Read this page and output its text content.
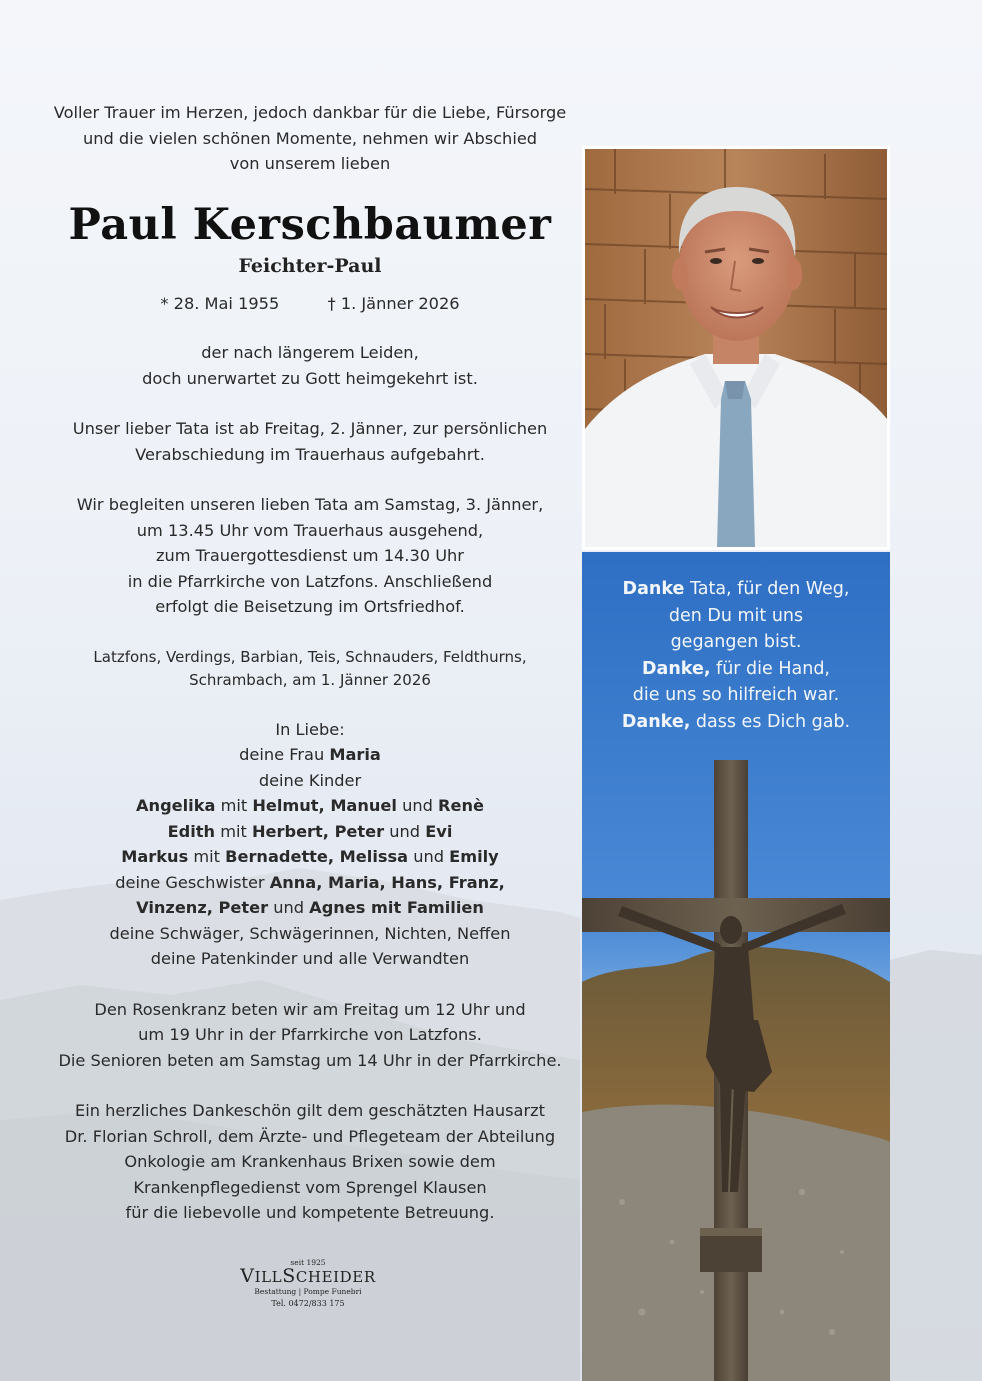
Voller Trauer im Herzen, jedoch dankbar für die Liebe, Fürsorge

und die vielen schönen Momente, nehmen wir Abschied

von unserem lieben

Paul Kerschbaumer

Feichter-Paul

* 28. Mai 1955	† 1. Jänner 2026

der nach längerem Leiden,

doch unerwartet zu Gott heimgekehrt ist.

Unser lieber Tata ist ab Freitag, 2. Jänner, zur persönlichen

Verabschiedung im Trauerhaus aufgebahrt.

Wir begleiten unseren lieben Tata am Samstag, 3. Jänner,

um 13.45 Uhr vom Trauerhaus ausgehend,

zum Trauergottesdienst um 14.30 Uhr

in die Pfarrkirche von Latzfons. Anschließend

erfolgt die Beisetzung im Ortsfriedhof.

Latzfons, Verdings, Barbian, Teis, Schnauders, Feldthurns,

Schrambach, am 1. Jänner 2026

In Liebe:

deine Frau Maria

deine Kinder

Angelika mit Helmut, Manuel und Renè

Edith mit Herbert, Peter und Evi

Markus mit Bernadette, Melissa und Emily

deine Geschwister Anna, Maria, Hans, Franz,

Vinzenz, Peter und Agnes mit Familien

deine Schwäger, Schwägerinnen, Nichten, Neffen

deine Patenkinder und alle Verwandten

Den Rosenkranz beten wir am Freitag um 12 Uhr und

um 19 Uhr in der Pfarrkirche von Latzfons.

Die Senioren beten am Samstag um 14 Uhr in der Pfarrkirche.

Ein herzliches Dankeschön gilt dem geschätzten Hausarzt

Dr. Florian Schroll, dem Ärzte- und Pflegeteam der Abteilung

Onkologie am Krankenhaus Brixen sowie dem

Krankenpflegedienst vom Sprengel Klausen

für die liebevolle und kompetente Betreuung.

seit 1925
VILLSCHEIDER
Bestattung | Pompe Funebri
Tel. 0472/833 175

Danke Tata, für den Weg,

den Du mit uns

gegangen bist.

Danke, für die Hand,

die uns so hilfreich war.

Danke, dass es Dich gab.
